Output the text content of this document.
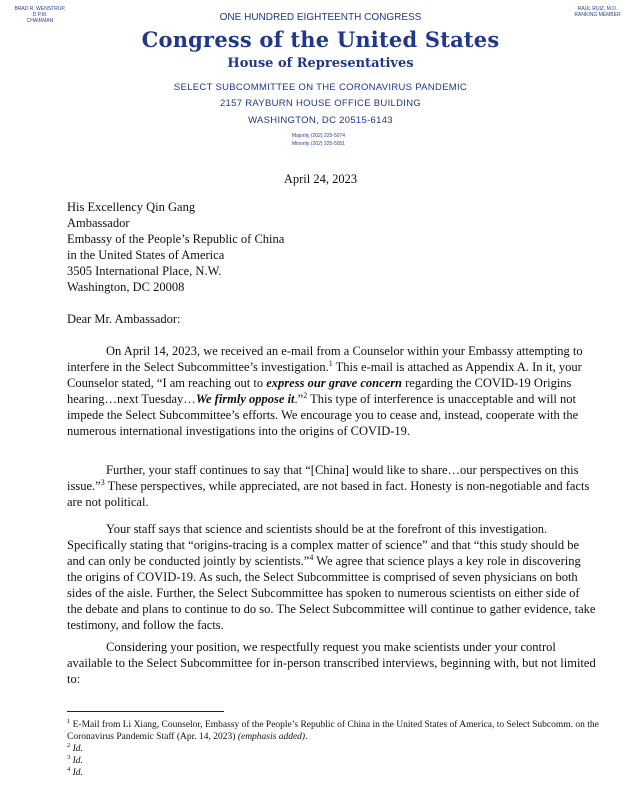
BRAD R. WENSTRUP, D.P.M.
CHAIRMAN
RAUL RUIZ, M.D.
RANKING MEMBER
ONE HUNDRED EIGHTEENTH CONGRESS
Congress of the United States
House of Representatives
SELECT SUBCOMMITTEE ON THE CORONAVIRUS PANDEMIC
2157 RAYBURN HOUSE OFFICE BUILDING
WASHINGTON, DC 20515-6143
Majority (202) 225-5074
Minority (202) 225-5051
April 24, 2023
His Excellency Qin Gang
Ambassador
Embassy of the People’s Republic of China
in the United States of America
3505 International Place, N.W.
Washington, DC 20008
Dear Mr. Ambassador:
On April 14, 2023, we received an e-mail from a Counselor within your Embassy attempting to interfere in the Select Subcommittee’s investigation.$^1$ This e-mail is attached as Appendix A. In it, your Counselor stated, “I am reaching out to express our grave concern regarding the COVID-19 Origins hearing…next Tuesday…We firmly oppose it.”$^2$ This type of interference is unacceptable and will not impede the Select Subcommittee’s efforts. We encourage you to cease and, instead, cooperate with the numerous international investigations into the origins of COVID-19.
Further, your staff continues to say that “[China] would like to share…our perspectives on this issue.”$^3$ These perspectives, while appreciated, are not based in fact. Honesty is non-negotiable and facts are not political.
Your staff says that science and scientists should be at the forefront of this investigation. Specifically stating that “origins-tracing is a complex matter of science” and that “this study should be and can only be conducted jointly by scientists.”$^4$ We agree that science plays a key role in discovering the origins of COVID-19. As such, the Select Subcommittee is comprised of seven physicians on both sides of the aisle. Further, the Select Subcommittee has spoken to numerous scientists on either side of the debate and plans to continue to do so. The Select Subcommittee will continue to gather evidence, take testimony, and follow the facts.
Considering your position, we respectfully request you make scientists under your control available to the Select Subcommittee for in-person transcribed interviews, beginning with, but not limited to:
$^1$ E-Mail from Li Xiang, Counselor, Embassy of the People’s Republic of China in the United States of America, to Select Subcomm. on the Coronavirus Pandemic Staff (Apr. 14, 2023) (emphasis added).
$^2$ Id.
$^3$ Id.
$^4$ Id.
